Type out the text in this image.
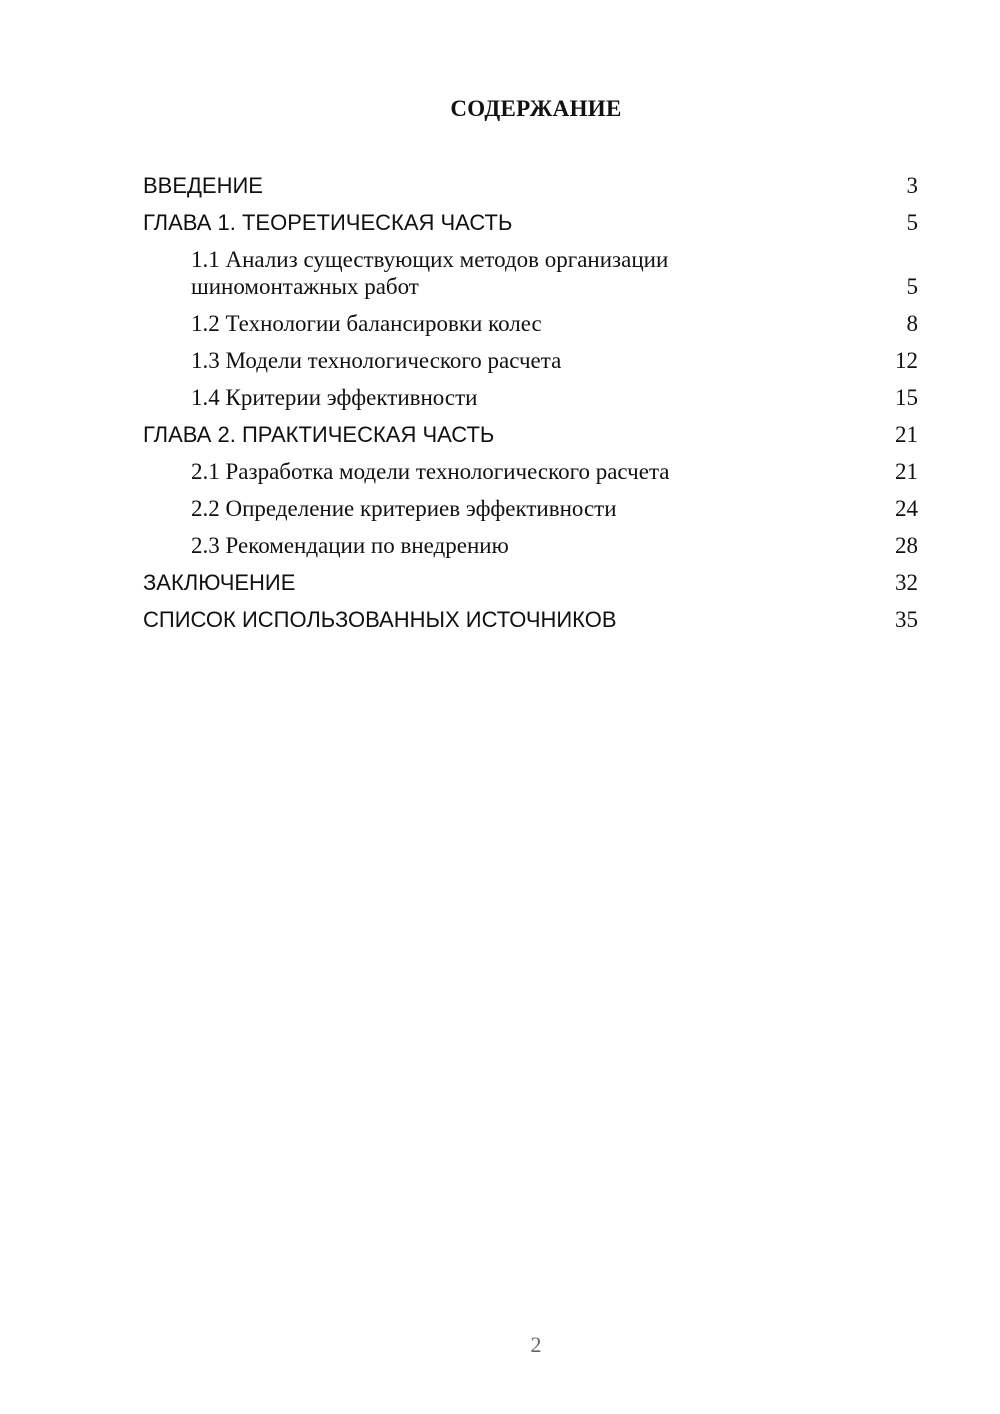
СОДЕРЖАНИЕ
ВВЕДЕНИЕ	3
ГЛАВА 1. ТЕОРЕТИЧЕСКАЯ ЧАСТЬ	5
1.1 Анализ существующих методов организации шиномонтажных работ	5
1.2 Технологии балансировки колес	8
1.3 Модели технологического расчета	12
1.4 Критерии эффективности	15
ГЛАВА 2. ПРАКТИЧЕСКАЯ ЧАСТЬ	21
2.1 Разработка модели технологического расчета	21
2.2 Определение критериев эффективности	24
2.3 Рекомендации по внедрению	28
ЗАКЛЮЧЕНИЕ	32
СПИСОК ИСПОЛЬЗОВАННЫХ ИСТОЧНИКОВ	35
2
